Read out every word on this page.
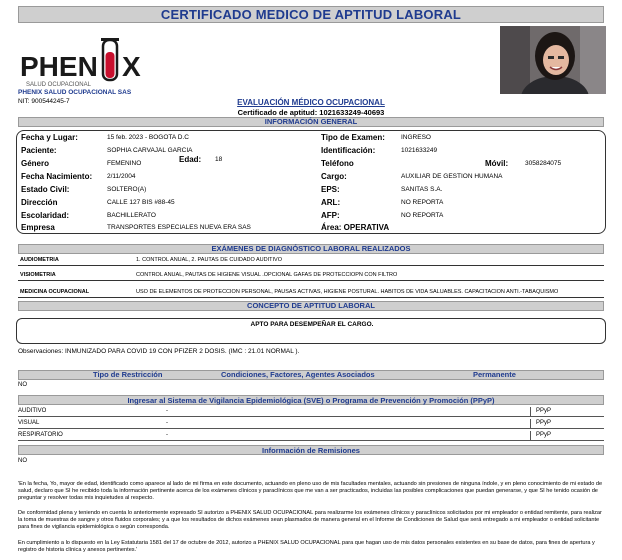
CERTIFICADO MEDICO DE APTITUD LABORAL
PHEN X
SALUD OCUPACIONAL
PHENIX SALUD OCUPACIONAL SAS
NIT: 900544245-7	EVALUACIÓN MÉDICO OCUPACIONAL
Certificado de aptitud: 1021633249-40693
INFORMACIÓN GENERAL
Fecha y Lugar:	15 feb. 2023 - BOGOTA D.C
Paciente:	SOPHIA CARVAJAL GARCIA
Género	FEMENINO	Edad: 18
Fecha Nacimiento: 2/11/2004
Estado Civil:	SOLTERO(A)
Dirección	CALLE 127 BIS #88-45
Escolaridad:	BACHILLERATO
Empresa	TRANSPORTES ESPECIALES NUEVA ERA SAS
Tipo de Examen: INGRESO
Identificación:	1021633249
Teléfono	Móvil:	3058284075
Cargo:	AUXILIAR DE GESTION HUMANA
EPS:	SANITAS S.A.
ARL:	NO REPORTA
AFP:	NO REPORTA
Área: OPERATIVA
EXÁMENES DE DIAGNÓSTICO LABORAL REALIZADOS
AUDIOMETRIA	1. CONTROL ANUAL, 2. PAUTAS DE CUIDADO AUDITIVO
VISIOMETRIA	CONTROL ANUAL, PAUTAS DE HIGIENE VISUAL .OPCIONAL GAFAS DE PROTECCIOPN CON FILTRO
MEDICINA OCUPACIONAL	USO DE ELEMENTOS DE PROTECCION PERSONAL, PAUSAS ACTIVAS, HIGIENE POSTURAL. HABITOS DE VIDA SALUABLES. CAPACITACION ANTI.-TABAQUISMO
CONCEPTO DE APTITUD LABORAL
APTO PARA DESEMPEÑAR EL CARGO.
Observaciones: INMUNIZADO PARA COVID 19 CON PFIZER 2 DOSIS. (IMC : 21.01 NORMAL ).
Tipo de Restricción	Condiciones, Factores, Agentes Asociados	Permanente
NO
Ingresar al Sistema de Vigilancia Epidemiológica (SVE) o Programa de Prevención y Promoción (PPyP)
AUDITIVO	-	PPyP
VISUAL	-	PPyP
RESPIRATORIO	-	PPyP
Información de Remisiones
NO
'En la fecha, Yo, mayor de edad, identificado como aparece al lado de mi firma en este documento, actuando en pleno uso de mis facultades mentales, actuando sin presiones de ninguna índole, y en pleno conocimiento de mi estado de salud, declaro que SI he recibido toda la información pertinente acerca de los exámenes clínicos y paraclínicos que me van a ser practicados, incluidas las posibles complicaciones que puedan generarse, y que SI he tenido ocasión de preguntar y resolver todas mis inquietudes al respecto.
De conformidad plena y teniendo en cuenta lo anteriormente expresado SI autorizo a PHENIX SALUD OCUPACIONAL para realizarme los exámenes clínicos y paraclínicos solicitados por mi empleador o entidad remitente, para realizar la toma de muestras de sangre y otros fluidos corporales; y a que los resultados de dichos exámenes sean plasmados de manera general en el Informe de Condiciones de Salud que será entregado a mi empleador o entidad solicitante para fines de vigilancia epidemiológica o según corresponda.
En cumplimiento a lo dispuesto en la Ley Estatutaria 1581 del 17 de octubre de 2012, autorizo a PHENIX SALUD OCUPACIONAL para que hagan uso de mis datos personales existentes en su base de datos, para fines de apertura y registro de historia clínica y anexos pertinentes.'
